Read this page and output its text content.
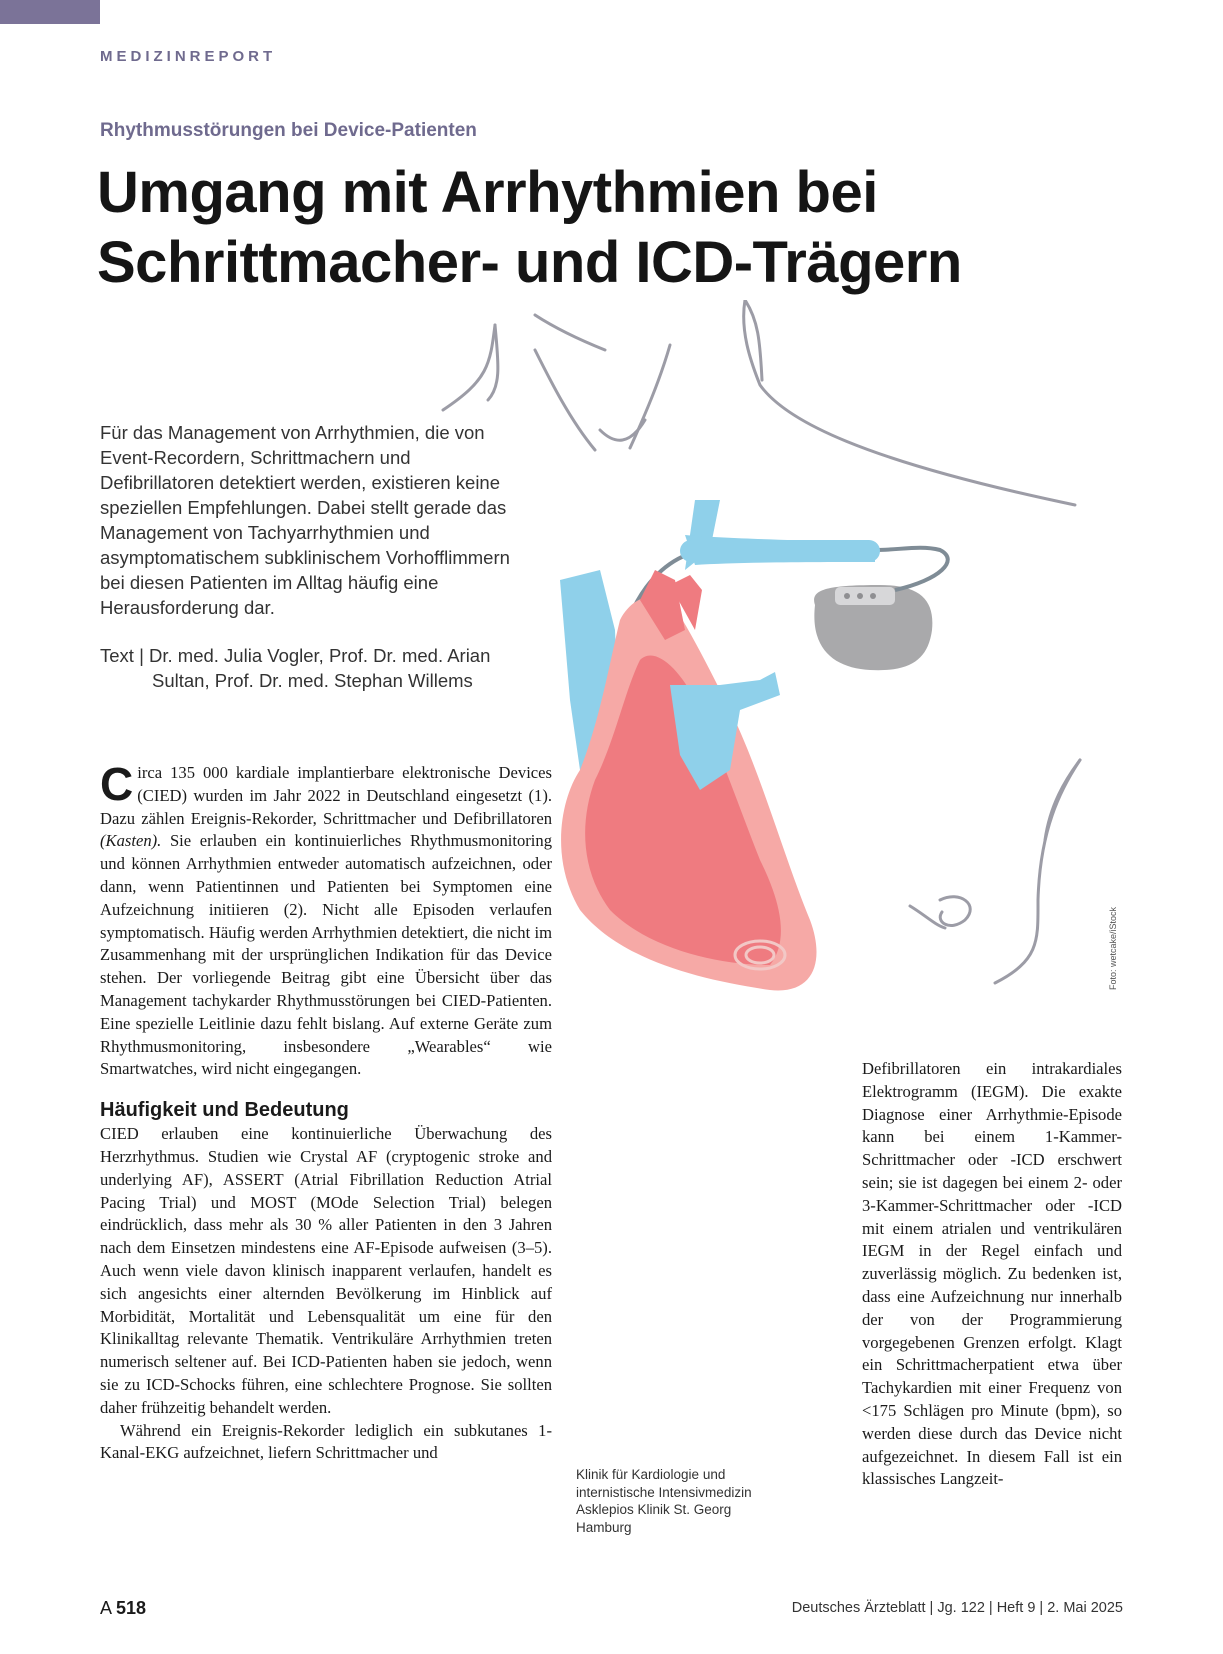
MEDIZINREPORT
Rhythmusstörungen bei Device-Patienten
Umgang mit Arrhythmien bei Schrittmacher- und ICD-Trägern

Für das Management von Arrhythmien, die von Event-Recordern, Schrittmachern und Defibrillatoren detektiert werden, existieren keine speziellen Empfehlungen. Dabei stellt gerade das Management von Tachyarrhythmien und asymptomatischem subklinischem Vorhofflimmern bei diesen Patienten im Alltag häufig eine Herausforderung dar.

Text | Dr. med. Julia Vogler, Prof. Dr. med. Arian
Sultan, Prof. Dr. med. Stephan Willems

Circa 135 000 kardiale implantierbare elektronische Devices (CIED) wurden im Jahr 2022 in Deutschland eingesetzt (1). Dazu zählen Ereignis-Rekorder, Schrittmacher und Defibrillatoren (Kasten). Sie erlauben ein kontinuierliches Rhythmusmonitoring und können Arrhythmien entweder automatisch aufzeichnen, oder dann, wenn Patientinnen und Patienten bei Symptomen eine Aufzeichnung initiieren (2). Nicht alle Episoden verlaufen symptomatisch. Häufig werden Arrhythmien detektiert, die nicht im Zusammenhang mit der ursprünglichen Indikation für das Device stehen. Der vorliegende Beitrag gibt eine Übersicht über das Management tachykarder Rhythmusstörungen bei CIED-Patienten. Eine spezielle Leitlinie dazu fehlt bislang. Auf externe Geräte zum Rhythmusmonitoring, insbesondere „Wearables“ wie Smartwatches, wird nicht eingegangen.

Häufigkeit und Bedeutung

CIED erlauben eine kontinuierliche Überwachung des Herzrhythmus. Studien wie Crystal AF (cryptogenic stroke and underlying AF), ASSERT (Atrial Fibrillation Reduction Atrial Pacing Trial) und MOST (MOde Selection Trial) belegen eindrücklich, dass mehr als 30 % aller Patienten in den 3 Jahren nach dem Einsetzen mindestens eine AF-Episode aufweisen (3–5). Auch wenn viele davon klinisch inapparent verlaufen, handelt es sich angesichts einer alternden Bevölkerung im Hinblick auf Morbidität, Mortalität und Lebensqualität um eine für den Klinikalltag relevante Thematik. Ventrikuläre Arrhythmien treten numerisch seltener auf. Bei ICD-Patienten haben sie jedoch, wenn sie zu ICD-Schocks führen, eine schlechtere Prognose. Sie sollten daher frühzeitig behandelt werden.

Während ein Ereignis-Rekorder lediglich ein subkutanes 1-Kanal-EKG aufzeichnet, liefern Schrittmacher und

Defibrillatoren ein intrakardiales Elektrogramm (IEGM). Die exakte Diagnose einer Arrhythmie-Episode kann bei einem 1-Kammer-Schrittmacher oder -ICD erschwert sein; sie ist dagegen bei einem 2- oder 3-Kammer-Schrittmacher oder -ICD mit einem atrialen und ventrikulären IEGM in der Regel einfach und zuverlässig möglich. Zu bedenken ist, dass eine Aufzeichnung nur innerhalb der von der Programmierung vorgegebenen Grenzen erfolgt. Klagt ein Schrittmacherpatient etwa über Tachykardien mit einer Frequenz von <175 Schlägen pro Minute (bpm), so werden diese durch das Device nicht aufgezeichnet. In diesem Fall ist ein klassisches Langzeit-

Klinik für Kardiologie und internistische Intensivmedizin Asklepios Klinik St. Georg Hamburg
Foto: wetcake/iStock
A 518	Deutsches Ärzteblatt | Jg. 122 | Heft 9 | 2. Mai 2025
